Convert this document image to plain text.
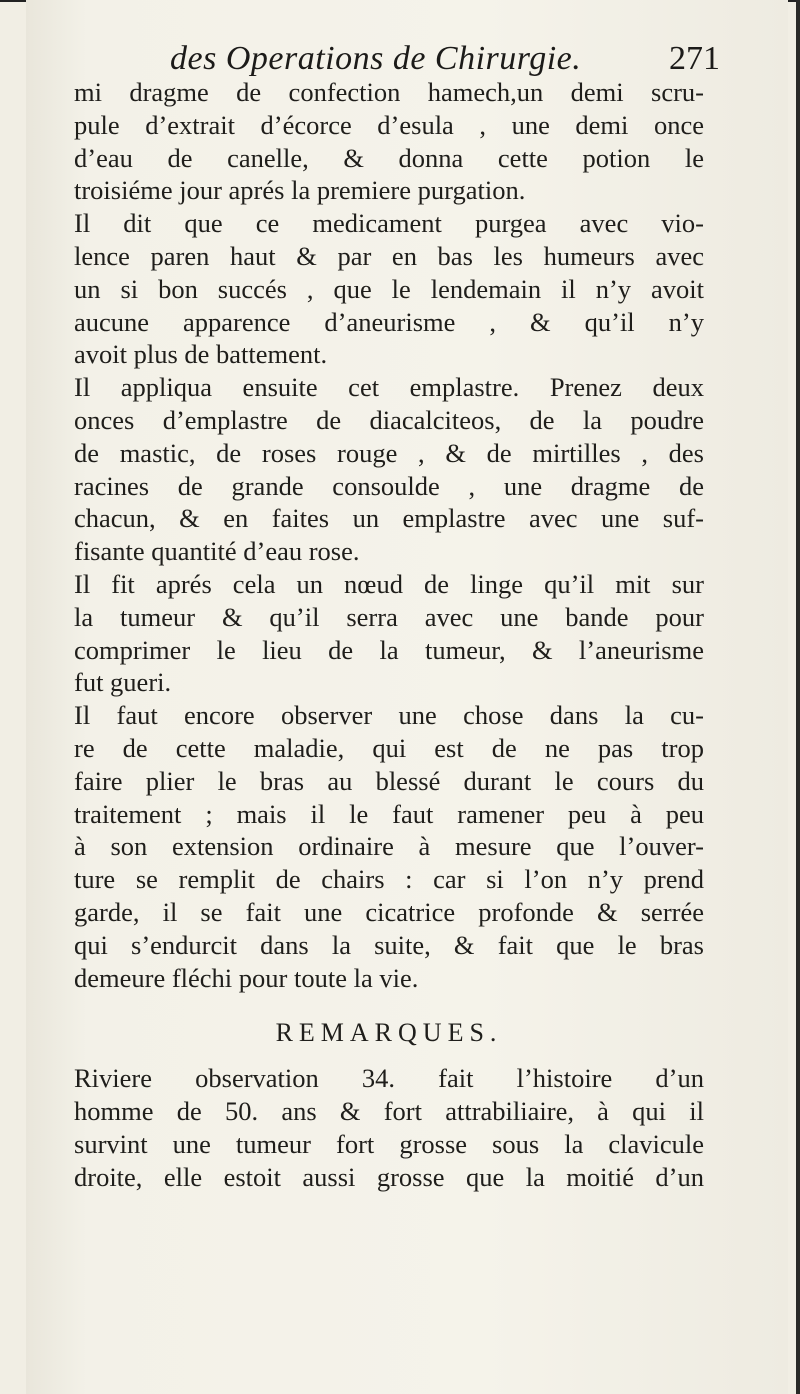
des Operations de Chirurgie.	271
mi dragme de confection hamech,un demi scru-
pule d’extrait d’écorce d’esula , une demi once
d’eau de canelle, & donna cette potion le
troisiéme jour aprés la premiere purgation.
Il dit que ce medicament purgea avec vio-
lence paren haut & par en bas les humeurs avec
un si bon succés , que le lendemain il n’y avoit
aucune apparence d’aneurisme , & qu’il n’y
avoit plus de battement.
Il appliqua ensuite cet emplastre. Prenez deux
onces d’emplastre de diacalciteos, de la poudre
de mastic, de roses rouge , & de mirtilles , des
racines de grande consoulde , une dragme de
chacun, & en faites un emplastre avec une suf-
fisante quantité d’eau rose.
Il fit aprés cela un nœud de linge qu’il mit sur
la tumeur & qu’il serra avec une bande pour
comprimer le lieu de la tumeur, & l’aneurisme
fut gueri.
Il faut encore observer une chose dans la cu-
re de cette maladie, qui est de ne pas trop
faire plier le bras au blessé durant le cours du
traitement ; mais il le faut ramener peu à peu
à son extension ordinaire à mesure que l’ouver-
ture se remplit de chairs : car si l’on n’y prend
garde, il se fait une cicatrice profonde & serrée
qui s’endurcit dans la suite, & fait que le bras
demeure fléchi pour toute la vie.
REMARQUES.
Riviere observation 34. fait l’histoire d’un
homme de 50. ans & fort attrabiliaire, à qui il
survint une tumeur fort grosse sous la clavicule
droite, elle estoit aussi grosse que la moitié d’un
